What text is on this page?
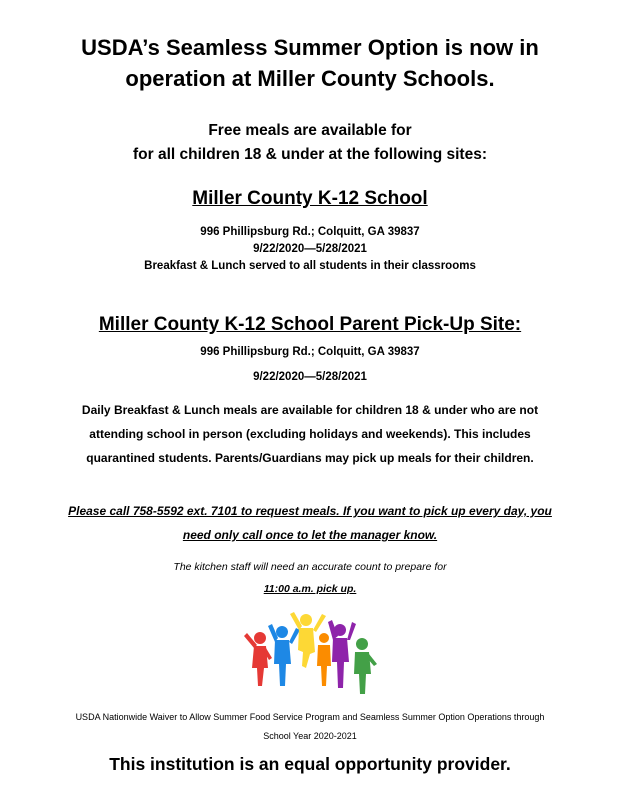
USDA’s Seamless Summer Option is now in
operation at Miller County Schools.
Free meals are available for
for all children 18 & under at the following sites:
Miller County K-12 School
996 Phillipsburg Rd.; Colquitt, GA 39837
9/22/2020—5/28/2021
Breakfast & Lunch served to all students in their classrooms
Miller County K-12 School Parent Pick-Up Site:
996 Phillipsburg Rd.; Colquitt, GA 39837
9/22/2020—5/28/2021
Daily Breakfast & Lunch meals are available for children 18 & under who are not
attending school in person (excluding holidays and weekends). This includes
quarantined students. Parents/Guardians may pick up meals for their children.
Please call 758-5592 ext. 7101 to request meals. If you want to pick up every day, you
need only call once to let the manager know.
The kitchen staff will need an accurate count to prepare for
11:00 a.m. pick up.
USDA Nationwide Waiver to Allow Summer Food Service Program and Seamless Summer Option Operations through
School Year 2020-2021
This institution is an equal opportunity provider.
